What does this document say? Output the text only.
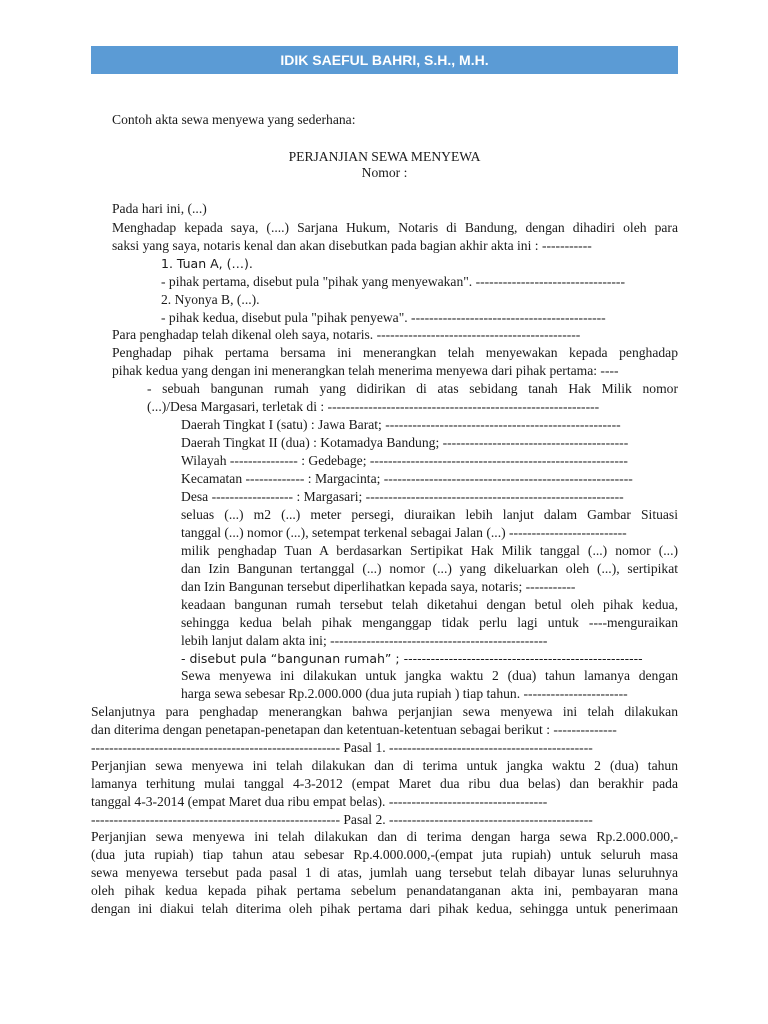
IDIK SAEFUL BAHRI, S.H., M.H.
Contoh akta sewa menyewa yang sederhana:
PERJANJIAN SEWA MENYEWA
Nomor :
Pada hari ini, (...)
Menghadap kepada saya, (....) Sarjana Hukum, Notaris di Bandung, dengan dihadiri oleh para
saksi yang saya, notaris kenal dan akan disebutkan pada bagian akhir akta ini : -----------
1. Tuan A, (…).
- pihak pertama, disebut pula "pihak yang menyewakan". ---------------------------------
2. Nyonya B, (...).
- pihak kedua, disebut pula "pihak penyewa". -------------------------------------------
Para penghadap telah dikenal oleh saya, notaris. ---------------------------------------------
Penghadap pihak pertama bersama ini menerangkan telah menyewakan kepada penghadap
pihak kedua yang dengan ini menerangkan telah menerima menyewa dari pihak pertama: ----
- sebuah bangunan rumah yang didirikan di atas sebidang tanah Hak Milik nomor
(...)/Desa Margasari, terletak di : ------------------------------------------------------------
Daerah Tingkat I (satu) : Jawa Barat; ----------------------------------------------------
Daerah Tingkat II (dua) : Kotamadya Bandung; -----------------------------------------
Wilayah --------------- : Gedebage; ---------------------------------------------------------
Kecamatan ------------- : Margacinta; -------------------------------------------------------
Desa ------------------ : Margasari; ---------------------------------------------------------
seluas (...) m2 (...) meter persegi, diuraikan lebih lanjut dalam Gambar Situasi
tanggal (...) nomor (...), setempat terkenal sebagai Jalan (...) --------------------------
milik penghadap Tuan A berdasarkan Sertipikat Hak Milik tanggal (...) nomor (...)
dan Izin Bangunan tertanggal (...) nomor (...) yang dikeluarkan oleh (...), sertipikat
dan Izin Bangunan tersebut diperlihatkan kepada saya, notaris; -----------
keadaan bangunan rumah tersebut telah diketahui dengan betul oleh pihak kedua,
sehingga kedua belah pihak menganggap tidak perlu lagi untuk ----menguraikan
lebih lanjut dalam akta ini; ------------------------------------------------
- disebut pula “bangunan rumah” ; -----------------------------------------------------
Sewa menyewa ini dilakukan untuk jangka waktu 2 (dua) tahun lamanya dengan
harga sewa sebesar Rp.2.000.000 (dua juta rupiah ) tiap tahun. -----------------------
Selanjutnya para penghadap menerangkan bahwa perjanjian sewa menyewa ini telah dilakukan
dan diterima dengan penetapan-penetapan dan ketentuan-ketentuan sebagai berikut : --------------
------------------------------------------------------- Pasal 1. ---------------------------------------------
Perjanjian sewa menyewa ini telah dilakukan dan di terima untuk jangka waktu 2 (dua) tahun
lamanya terhitung mulai tanggal 4-3-2012 (empat Maret dua ribu dua belas) dan berakhir pada
tanggal 4-3-2014 (empat Maret dua ribu empat belas). -----------------------------------
------------------------------------------------------- Pasal 2. ---------------------------------------------
Perjanjian sewa menyewa ini telah dilakukan dan di terima dengan harga sewa Rp.2.000.000,-
(dua juta rupiah) tiap tahun atau sebesar Rp.4.000.000,-(empat juta rupiah) untuk seluruh masa
sewa menyewa tersebut pada pasal 1 di atas, jumlah uang tersebut telah dibayar lunas seluruhnya
oleh pihak kedua kepada pihak pertama sebelum penandatanganan akta ini, pembayaran mana
dengan ini diakui telah diterima oleh pihak pertama dari pihak kedua, sehingga untuk penerimaan
